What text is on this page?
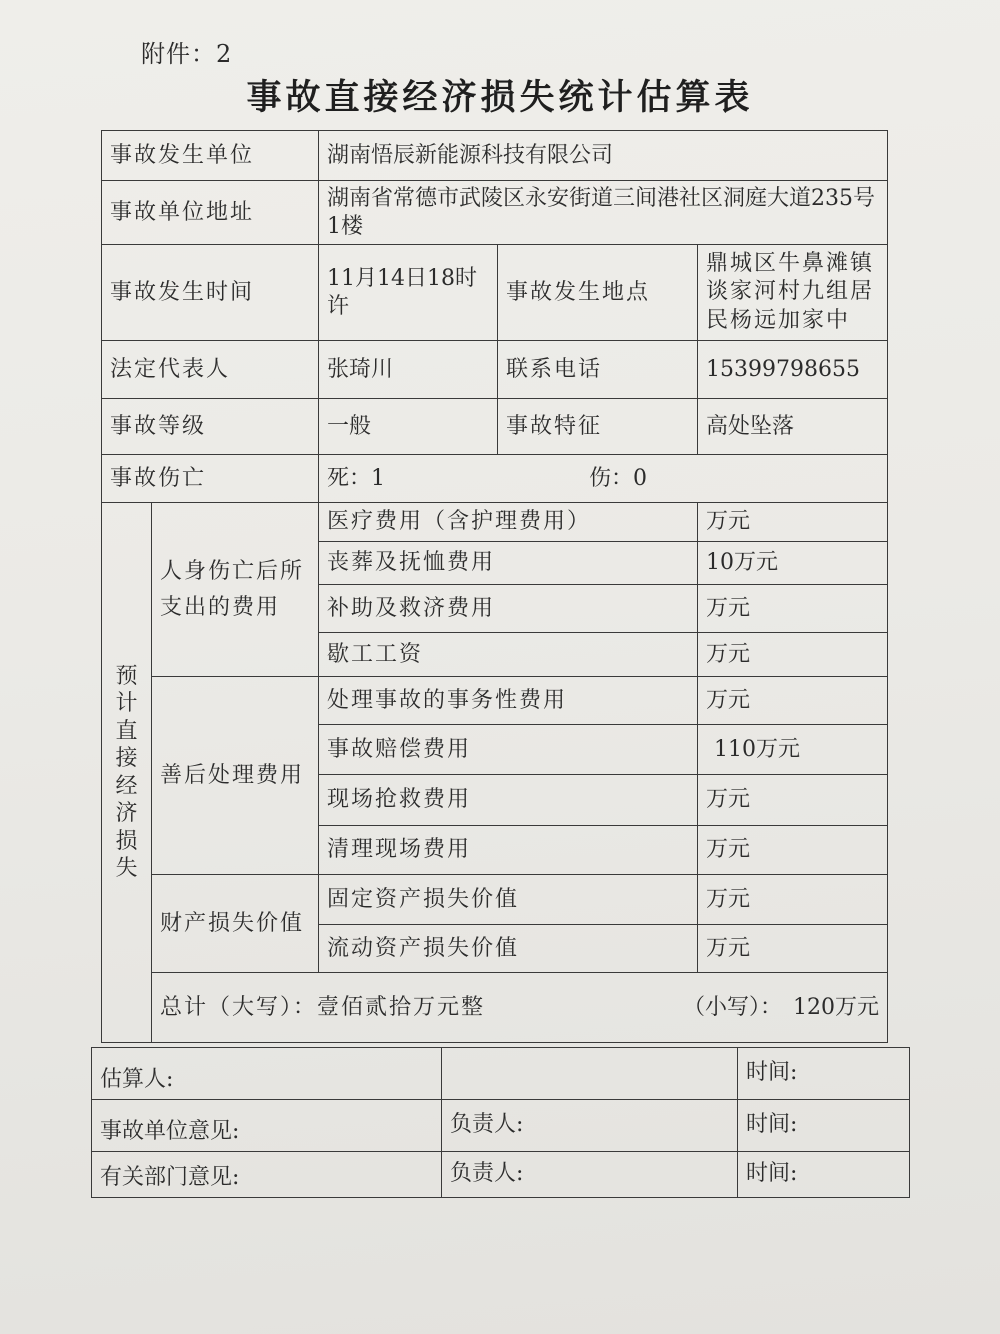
附件：2
事故直接经济损失统计估算表
事故发生单位		湖南悟辰新能源科技有限公司		
事故单位地址		湖南省常德市武陵区永安街道三间港社区洞庭大道235号1楼		
事故发生时间		11月14日18时许	事故发生地点	鼎城区牛鼻滩镇谈家河村九组居民杨远加家中
法定代表人		张琦川	联系电话	15399798655
事故等级		一般	事故特征	高处坠落
事故伤亡		死：1 伤：0		

预计直接经济损失	人身伤亡后所支出的费用	医疗费用（含护理费用）		万元
		丧葬及抚恤费用		10万元
		补助及救济费用		万元
		歇工工资		万元
	善后处理费用	处理事故的事务性费用		万元
		事故赔偿费用		110万元
		现场抢救费用		万元
		清理现场费用		万元
	财产损失价值	固定资产损失价值		万元
		流动资产损失价值		万元

	总计（大写）：壹佰贰拾万元整 （小写）： 120万元			
估算人:		时间:
事故单位意见:	负责人:	时间:
有关部门意见:	负责人:	时间:
